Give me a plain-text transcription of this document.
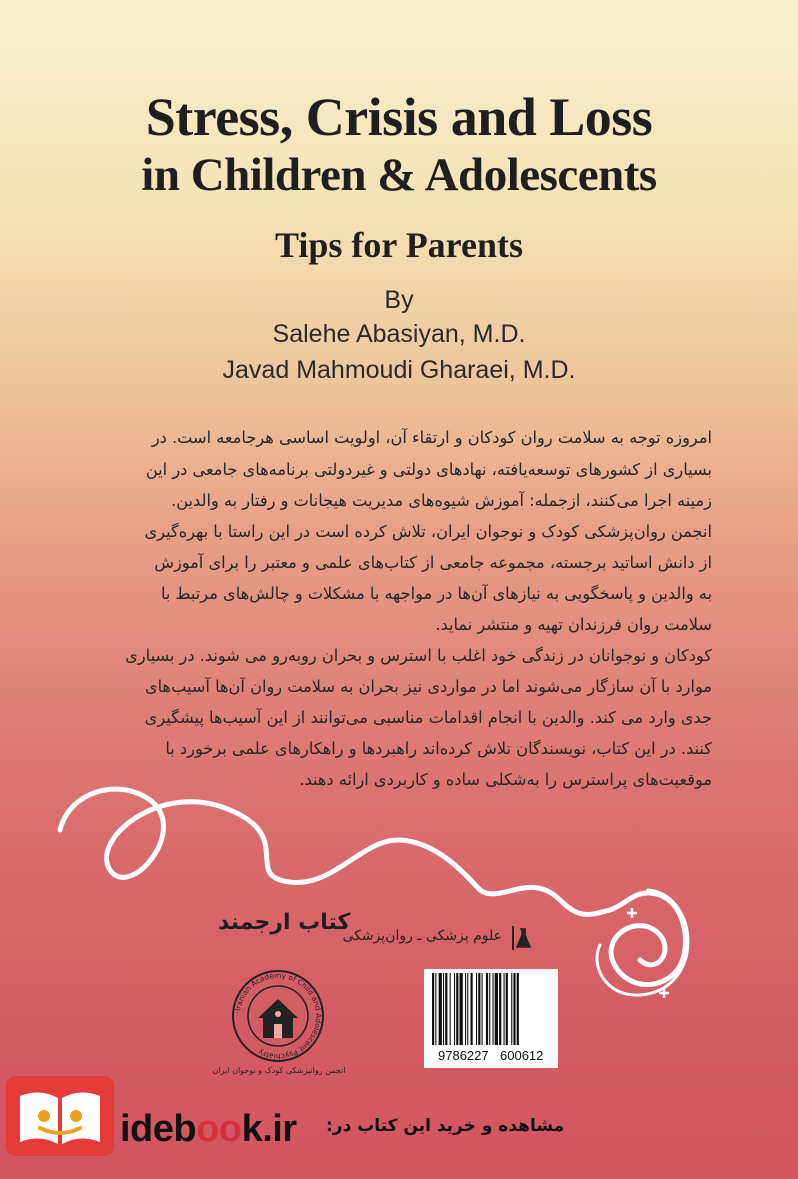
Stress, Crisis and Loss
in Children & Adolescents
Tips for Parents
By
Salehe Abasiyan, M.D.
Javad Mahmoudi Gharaei, M.D.
امروزه توجه به سلامت روان کودکان و ارتقاء آن، اولویت اساسی هرجامعه است. در
بسیاری از کشورهای توسعه‌یافته، نهادهای دولتی و غیردولتی برنامه‌های جامعی در این
زمینه اجرا می‌کنند، ازجمله: آموزش شیوه‌های مدیریت هیجانات و رفتار به والدین.
انجمن روان‌پزشکی کودک و نوجوان ایران، تلاش کرده است در این راستا با بهره‌گیری
از دانش اساتید برجسته، مجموعه جامعی از کتاب‌های علمی و معتبر را برای آموزش
به والدین و پاسخگویی به نیازهای آن‌ها در مواجهه با مشکلات و چالش‌های مرتبط با
سلامت روان فرزندان تهیه و منتشر نماید.
کودکان و نوجوانان در زندگی خود اغلب با استرس و بحران روبه‌رو می شوند. در بسیاری
موارد با آن سازگار می‌شوند اما در مواردی نیز بحران به سلامت روان آن‌ها آسیب‌های
جدی وارد می کند. والدین با انجام اقدامات مناسبی می‌توانند از این آسیب‌ها پیشگیری
کنند. در این کتاب، نویسندگان تلاش کرده‌اند راهبردها و راهکارهای علمی برخورد با
موقعیت‌های پراسترس را به‌شکلی ساده و کاربردی ارائه دهند.
کتاب ارجمند
علوم پزشکی ـ روان‌پزشکی
Iranian Academy of Child and Adolescent Psychiatry
انجمن روانپزشکی کودک و نوجوان ایران
9786227 600612
idebook.ir مشاهده و خرید این کتاب در:
